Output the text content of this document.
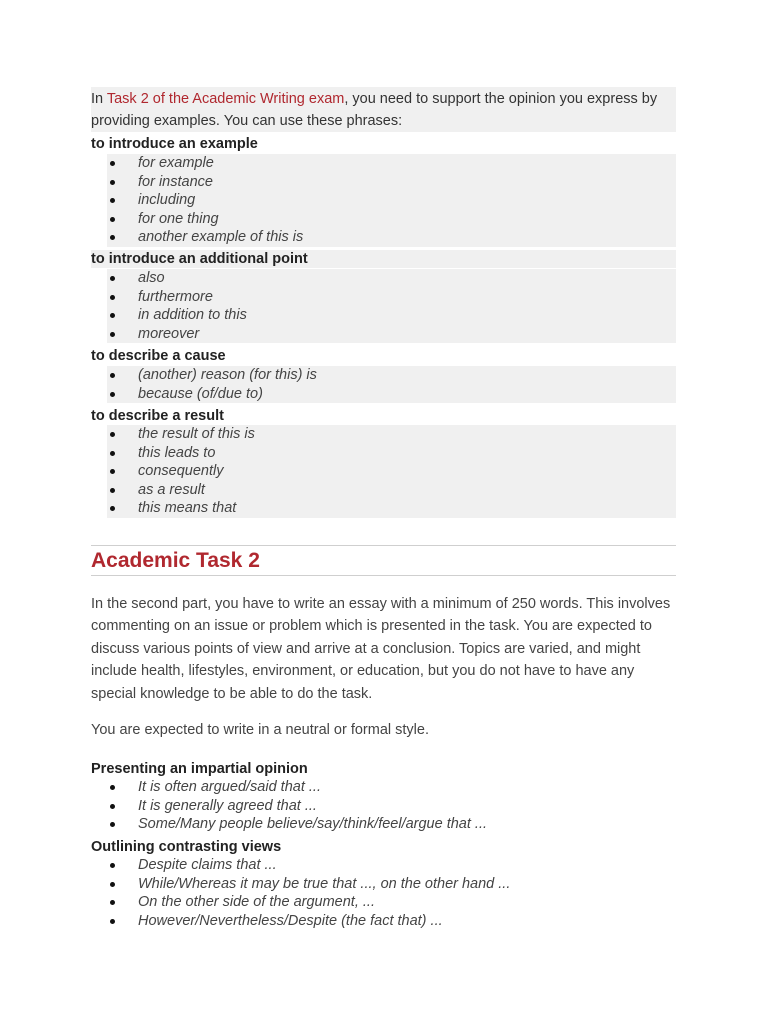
In Task 2 of the Academic Writing exam, you need to support the opinion you express by providing examples. You can use these phrases:

to introduce an example
for example
for instance
including
for one thing
another example of this is
to introduce an additional point
also
furthermore
in addition to this
moreover
to describe a cause
(another) reason (for this) is
because (of/due to)
to describe a result
the result of this is
this leads to
consequently
as a result
this means that
Academic Task 2

In the second part, you have to write an essay with a minimum of 250 words. This involves commenting on an issue or problem which is presented in the task. You are expected to discuss various points of view and arrive at a conclusion. Topics are varied, and might include health, lifestyles, environment, or education, but you do not have to have any special knowledge to be able to do the task.

You are expected to write in a neutral or formal style.

Presenting an impartial opinion
It is often argued/said that ...
It is generally agreed that ...
Some/Many people believe/say/think/feel/argue that ...
Outlining contrasting views
Despite claims that ...
While/Whereas it may be true that ..., on the other hand ...
On the other side of the argument, ...
However/Nevertheless/Despite (the fact that) ...
